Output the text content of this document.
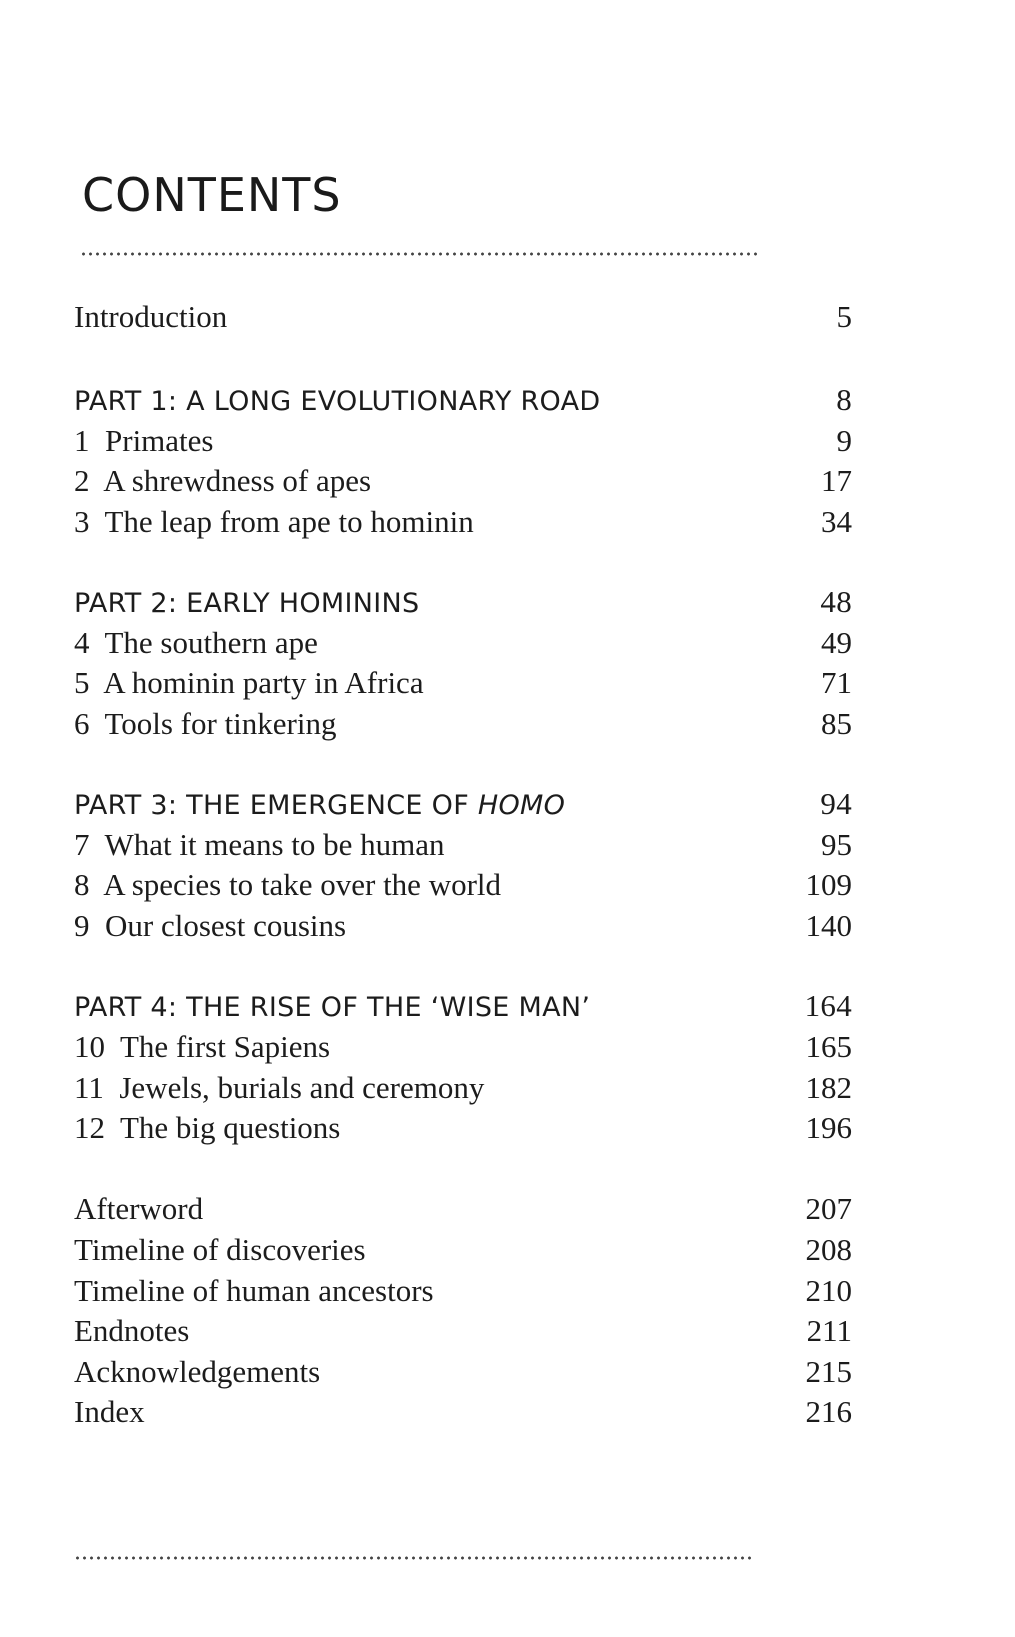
CONTENTS
Introduction	5
PART 1: A LONG EVOLUTIONARY ROAD	8
1 Primates	9
2 A shrewdness of apes	17
3 The leap from ape to hominin	34
PART 2: EARLY HOMININS	48
4 The southern ape	49
5 A hominin party in Africa	71
6 Tools for tinkering	85
PART 3: THE EMERGENCE OF HOMO	94
7 What it means to be human	95
8 A species to take over the world	109
9 Our closest cousins	140
PART 4: THE RISE OF THE ‘WISE MAN’	164
10 The first Sapiens	165
11 Jewels, burials and ceremony	182
12 The big questions	196
Afterword	207
Timeline of discoveries	208
Timeline of human ancestors	210
Endnotes	211
Acknowledgements	215
Index	216
